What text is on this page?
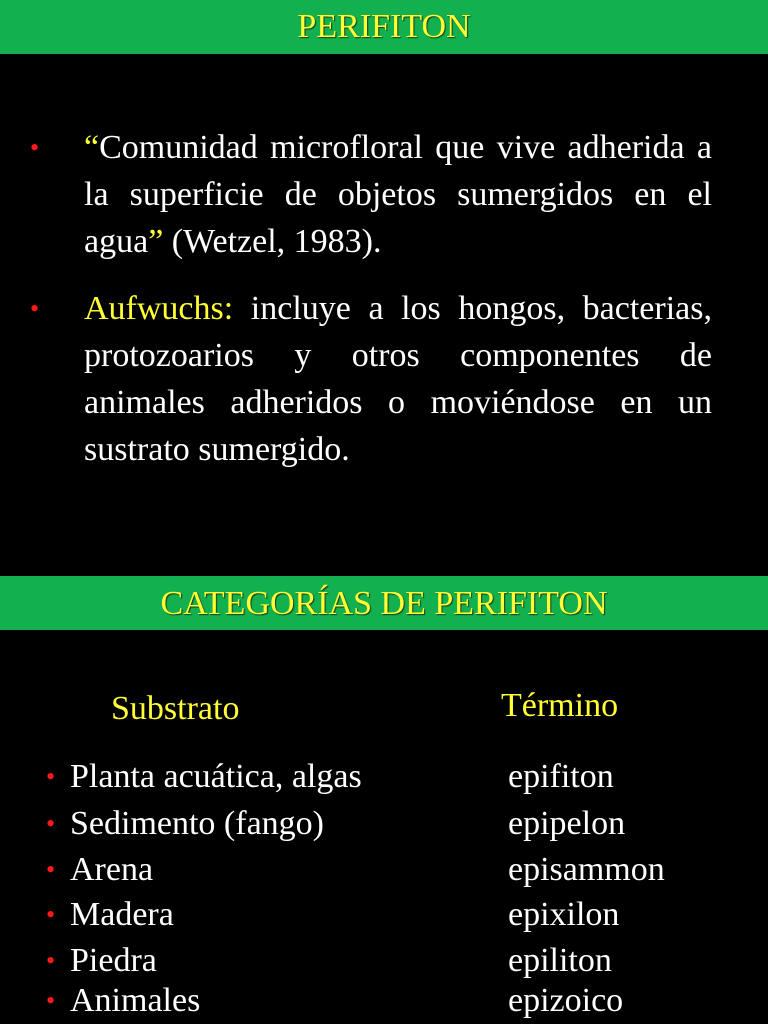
PERIFITON
• “Comunidad microfloral que vive adherida a la superficie de objetos sumergidos en el agua” (Wetzel, 1983).
• Aufwuchs: incluye a los hongos, bacterias, protozoarios y otros componentes de animales adheridos o moviéndose en un sustrato sumergido.
CATEGORÍAS DE PERIFITON
Substrato	Término
• Planta acuática, algas	epifiton
• Sedimento (fango)	epipelon
• Arena	episammon
• Madera	epixilon
• Piedra	epiliton
• Animales	epizoico
